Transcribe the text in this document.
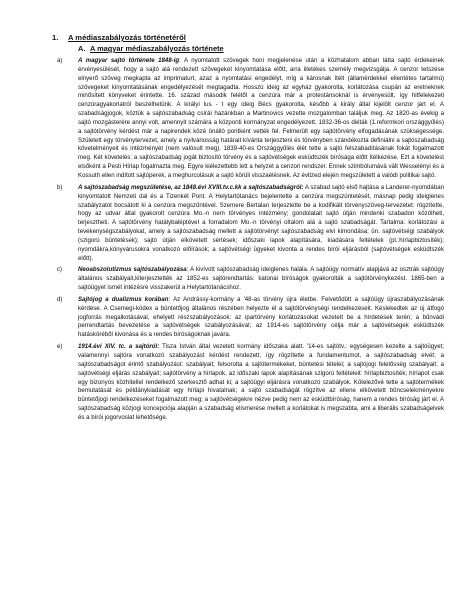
1. A médiaszabályozás történetéről
A. A magyar médiaszabályozás története
a)	A magyar sajtó története 1848-ig: A nyomtatott szövegek honi megjelenése után a közhatalom abban látta sajtó érdekeinek érvényesülését, hogy a sajtó alá rendezett szövegeket kinyomtatása előtt, arra illetékes személy megvizsgálja. A cenzor tetszése elnyerő szöveg megkapta az imprimaturt, azaz a nyomtatási engedélyt, míg a károsnak ítélt (államérdekkel ellentétes tartalmú) szövegeket kinyomtatásának engedélyezését megtagadta. Hosszú ideig az egyház gyakorolta, korlátozása csupán az eretneknek minősített könyveket érintette. 16. század második felétől a cenzúra már a protestánsoknál is érvényesült, így hitfelekezeti cenzúragyakorlatról beszélhetünk. A királyi lus - t egy ideig Bécs gyakorolta, később a király által kijelölt cenzor járt el. A szabadságjogok, köztük a sajtószabadság csírái hazánkban a Martinovics vezette mozgalomban találjuk meg. Az 1820-as évekig a sajtó mozgásterére annyi volt, amennyit számára a központi kormányzat engedélyezett. 1832-36-os diéták (1.reformkori országgyűlés) a sajtótörvény kérdést már a napirendek közé önálló pontként vették fel. Felmerült egy sajtótörvény elfogadásának szükségessége. Született egy törvénytervezet, amely a nyilvánosság határait kívánta terjeszteni és törvényben szándékozta definiálni a sajtószabadság követelményeit és intézményét (nem valósult meg). 1839-40-es Országgyűlés élét tette a sajtó felszabadításának fokát fogalmazott meg. Két követelés: a sajtószabadság jogát biztosító törvény és a sajtóvétségek esküdtszék bírósága előtt ítélkezése. Ezt a követelést elsőként a Pesti Hírlap fogalmazta meg. Egyre kiélezettebb lett a helyzet a cenzori rendszer. Ennek szimbólumává vált Wesselényi és a Kossuth ellen indított sajtóperek, a meghurcolásuk a sajtó körüli visszaélésnek. Az évtized elején megszületett a valódi politikai sajtó.
b)	A sajtószabadság megszületése, az 1848.évi XVIII.tv.c.kk a sajtószabadságról: A szabad sajtó első hajtása a Landerer-nyomdában kinyomtatott Nemzeti dal és a Tizenkét Pont. A Helytartótanács bejelentette a cenzúra megszüntetését, másnap pedig ideiglenes szabályzatot bocsátott ki a cenzúra megszűntével. Szemere Bertalan terjesztette be a kodifikált törvényszöveg-tervezetet: rögzítette, hogy az udvar által gyakorolt cenzúra Mo.-n nem törvényes intézmény; gondolatait sajtó útján mindenki szabadon közölheti, terjesztheti. A sajtótörvény hatálybaléptével a forradalom Mo.-n törvényi oltalom alá a sajtó szabadságát. Tartalma: korlátozási a tevékenységszabályokat, amely a sajtószabadság mellett a sajtótörvényt sajtószabadság elvi kimondása; ün. sajtóvétségi szabályok (szigorú büntetések); sajtó útján elkövetett sértések; időszaki lapok alapítására, kiadására feltételek (pl.:hírlapbiztosíték); nyomdákra,könyvárusokra vonatkozó előírások; a sajtóvétségi ügyeket kivonta a rendes bírói eljárásból (sajtóvétségek esküdtszék előtt).
c)	Neoabszolutizmus sajtószabályozása: A kivívott sajtószabadság ideiglenes halála. A sajtóügy normatív alapjává az osztrák sajtóügy általános szabályait,kiterjesztették az 1852-es sajtórendtartás: katonai bíróságok gyakorolták a sajtótörvénykezést. 1865-ben a sajtóügyet ismét intézésre visszakerül a Helytartótanácshoz.
d)	Sajtójog a dualizmus korában: Az Andrássy-kormány a '48-as törvény újra életbe. Felvetődött a sajtóügy újraszabályozásának kérdése. A Csemegi-kódex a büntetőjog általános részében helyezte el a sajtótörvénységi rendelkezéseit. Késlekedtek az új átfogó jogforrás megalkotásával, ehelyett részszabályozások: az ipartörvény korlátozásokat vezetett be a hírdetések terén; a bűnvádi perrendtartás bevezetése a sajtóvétségek szabályozásával; az 1914-es sajtótörvény célja már a sajtóvétségek esküdtszék hatásköréből kivonása és a rendes bíróságoknak javára.
e)	1914.évi XIV. tc. a sajtóról: Tisza István által vezetett kormány időszaka alatt. '14-es sajtótv.: egységesen kezelte a sajtóügyet; valamennyi sajtóra vonatkozó szabályozást kérdést rendezett, így rögzítette a fundamentumot, a sajtószabadság elvét; a sajtószabadságot érintő szabályozást: szabályait; felsorolta a sajtótermékeket, büntetési tételei; a sajtójogi felelősség szabályait; a sajtóvétségi eljárás szabályait; sajtótörvény a hírlapok, az időszaki lapok alapításának szigorú feltételeit: hírlapbiztosíték; hírlapot csak egy bizonyos közhitellel rendelkező szerkesztő adhat ki; a sajtóügyi eljárásra vonatkozó szabályok. Kötelezővé tette a sajtótermékek bemutatását és példánykiadását egy hírlapi hivatalnak; a sajtó szabadságát rögzítve az ellene elkövetett bűncselekményekre büntetőjogi rendelkezéseket fogalmazott meg; a sajtóvétségekre nézve pedig nem az esküdtbíróság, hanem a rendes bíróság járt el. A sajtószabadság közjogi koncepciója alapján a szabadság elismerése mellett a korlátokat is megszabta, ami a liberális szabadságelvek és a bírói jogorvoslat lehetősége.
